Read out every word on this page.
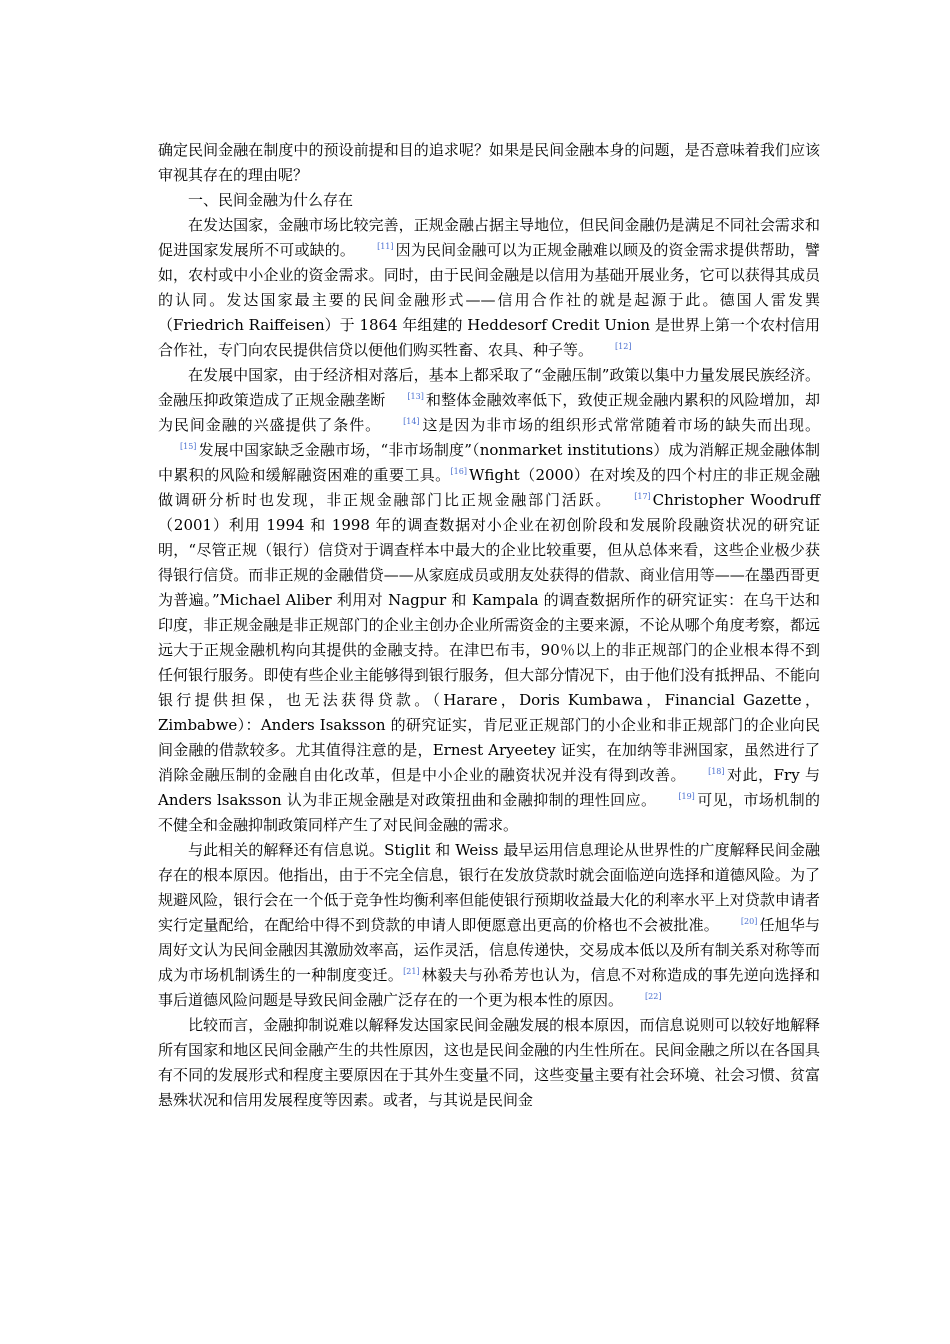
确定民间金融在制度中的预设前提和目的追求呢？如果是民间金融本身的问题，是否意味着我们应该审视其存在的理由呢？

一、民间金融为什么存在

在发达国家，金融市场比较完善，正规金融占据主导地位，但民间金融仍是满足不同社会需求和促进国家发展所不可或缺的。	[11] 因为民间金融可以为正规金融难以顾及的资金需求提供帮助，譬如，农村或中小企业的资金需求。同时，由于民间金融是以信用为基础开展业务，它可以获得其成员的认同。发达国家最主要的民间金融形式——信用合作社的就是起源于此。德国人雷发巽（Friedrich Raiffeisen）于 1864 年组建的 Heddesorf Credit Union 是世界上第一个农村信用合作社，专门向农民提供信贷以便他们购买牲畜、农具、种子等。	[12]

在发展中国家，由于经济相对落后，基本上都采取了“金融压制”政策以集中力量发展民族经济。金融压抑政策造成了正规金融垄断	[13] 和整体金融效率低下，致使正规金融内累积的风险增加，却为民间金融的兴盛提供了条件。	[14] 这是因为非市场的组织形式常常随着市场的缺失而出现。[15] 发展中国家缺乏金融市场，“非市场制度”（nonmarket institutions）成为消解正规金融体制中累积的风险和缓解融资困难的重要工具。[16] Wfight（2000）在对埃及的四个村庄的非正规金融做调研分析时也发现，非正规金融部门比正规金融部门活跃。	[17] Christopher Woodruff（2001）利用 1994 和 1998 年的调查数据对小企业在初创阶段和发展阶段融资状况的研究证明，“尽管正规（银行）信贷对于调查样本中最大的企业比较重要，但从总体来看，这些企业极少获得银行信贷。而非正规的金融借贷——从家庭成员或朋友处获得的借款、商业信用等——在墨西哥更为普遍。”Michael Aliber 利用对 Nagpur 和 Kampala 的调查数据所作的研究证实：在乌干达和印度，非正规金融是非正规部门的企业主创办企业所需资金的主要来源，不论从哪个角度考察，都远远大于正规金融机构向其提供的金融支持。在津巴布韦，90％以上的非正规部门的企业根本得不到任何银行服务。即使有些企业主能够得到银行服务，但大部分情况下，由于他们没有抵押品、不能向银行提供担保，也无法获得贷款。（Harare，Doris Kumbawa，Financial Gazette，Zimbabwe）：Anders Isaksson 的研究证实，肯尼亚正规部门的小企业和非正规部门的企业向民间金融的借款较多。尤其值得注意的是，Ernest Aryeetey 证实，在加纳等非洲国家，虽然进行了消除金融压制的金融自由化改革，但是中小企业的融资状况并没有得到改善。	[18] 对此，Fry 与 Anders lsaksson 认为非正规金融是对政策扭曲和金融抑制的理性回应。	[19] 可见，市场机制的不健全和金融抑制政策同样产生了对民间金融的需求。

与此相关的解释还有信息说。Stiglit 和 Weiss 最早运用信息理论从世界性的广度解释民间金融存在的根本原因。他指出，由于不完全信息，银行在发放贷款时就会面临逆向选择和道德风险。为了规避风险，银行会在一个低于竞争性均衡利率但能使银行预期收益最大化的利率水平上对贷款申请者实行定量配给，在配给中得不到贷款的申请人即便愿意出更高的价格也不会被批准。	[20] 任旭华与周好文认为民间金融因其激励效率高，运作灵活，信息传递快，交易成本低以及所有制关系对称等而成为市场机制诱生的一种制度变迁。[21] 林毅夫与孙希芳也认为，信息不对称造成的事先逆向选择和事后道德风险问题是导致民间金融广泛存在的一个更为根本性的原因。	[22]

比较而言，金融抑制说难以解释发达国家民间金融发展的根本原因，而信息说则可以较好地解释所有国家和地区民间金融产生的共性原因，这也是民间金融的内生性所在。民间金融之所以在各国具有不同的发展形式和程度主要原因在于其外生变量不同，这些变量主要有社会环境、社会习惯、贫富悬殊状况和信用发展程度等因素。或者，与其说是民间金
